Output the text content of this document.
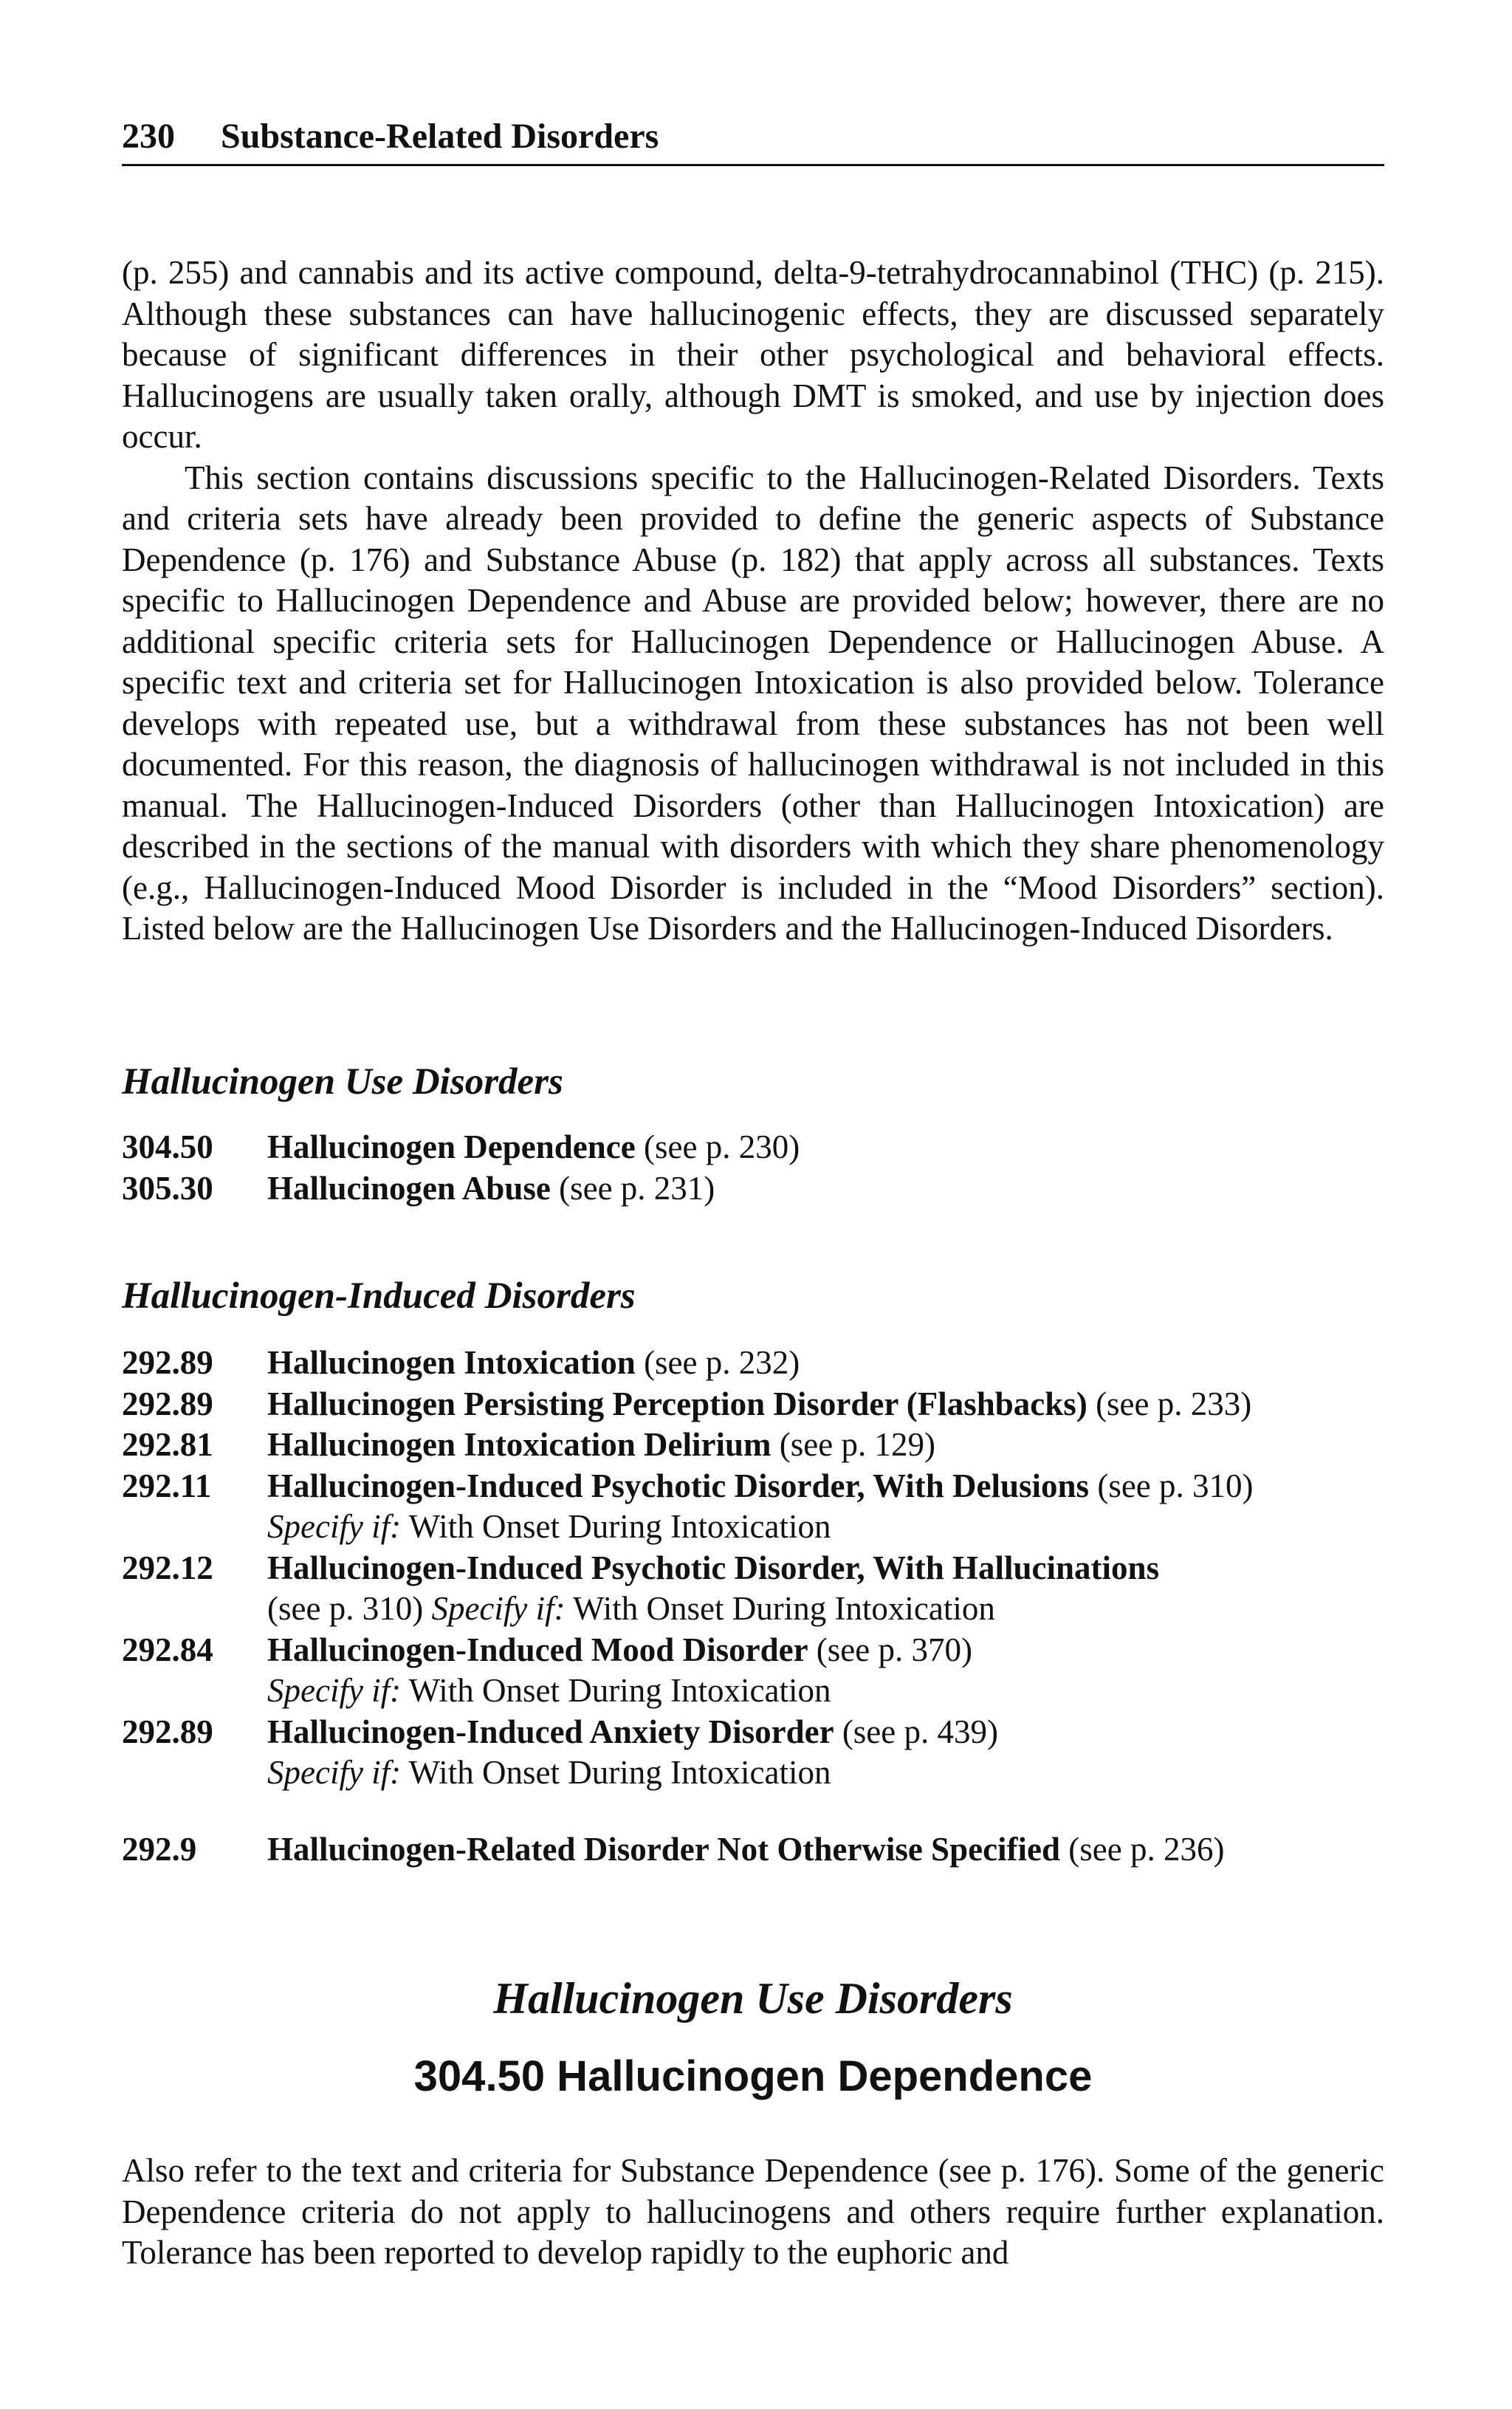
230 Substance-Related Disorders

(p. 255) and cannabis and its active compound, delta-9-tetrahydrocannabinol (THC) (p. 215). Although these substances can have hallucinogenic effects, they are discussed separately because of significant differences in their other psychological and behavioral effects. Hallucinogens are usually taken orally, although DMT is smoked, and use by injection does occur.

This section contains discussions specific to the Hallucinogen-Related Disorders. Texts and criteria sets have already been provided to define the generic aspects of Substance Dependence (p. 176) and Substance Abuse (p. 182) that apply across all substances. Texts specific to Hallucinogen Dependence and Abuse are provided below; however, there are no additional specific criteria sets for Hallucinogen Dependence or Hallucinogen Abuse. A specific text and criteria set for Hallucinogen Intoxication is also provided below. Tolerance develops with repeated use, but a withdrawal from these substances has not been well documented. For this reason, the diagnosis of hallucinogen withdrawal is not included in this manual. The Hallucinogen-Induced Disorders (other than Hallucinogen Intoxication) are described in the sections of the manual with disorders with which they share phenomenology (e.g., Hallucinogen-Induced Mood Disorder is included in the “Mood Disorders” section). Listed below are the Hallucinogen Use Disorders and the Hallucinogen-Induced Disorders.

Hallucinogen Use Disorders
304.50	Hallucinogen Dependence (see p. 230)
305.30	Hallucinogen Abuse (see p. 231)
Hallucinogen-Induced Disorders
292.89	Hallucinogen Intoxication (see p. 232)
292.89	Hallucinogen Persisting Perception Disorder (Flashbacks) (see p. 233)
292.81	Hallucinogen Intoxication Delirium (see p. 129)
292.11	Hallucinogen-Induced Psychotic Disorder, With Delusions (see p. 310)
Specify if: With Onset During Intoxication
292.12	Hallucinogen-Induced Psychotic Disorder, With Hallucinations
(see p. 310) Specify if: With Onset During Intoxication
292.84	Hallucinogen-Induced Mood Disorder (see p. 370)
Specify if: With Onset During Intoxication
292.89	Hallucinogen-Induced Anxiety Disorder (see p. 439)
Specify if: With Onset During Intoxication
292.9	Hallucinogen-Related Disorder Not Otherwise Specified (see p. 236)
Hallucinogen Use Disorders
304.50 Hallucinogen Dependence

Also refer to the text and criteria for Substance Dependence (see p. 176). Some of the generic Dependence criteria do not apply to hallucinogens and others require further explanation. Tolerance has been reported to develop rapidly to the euphoric and
